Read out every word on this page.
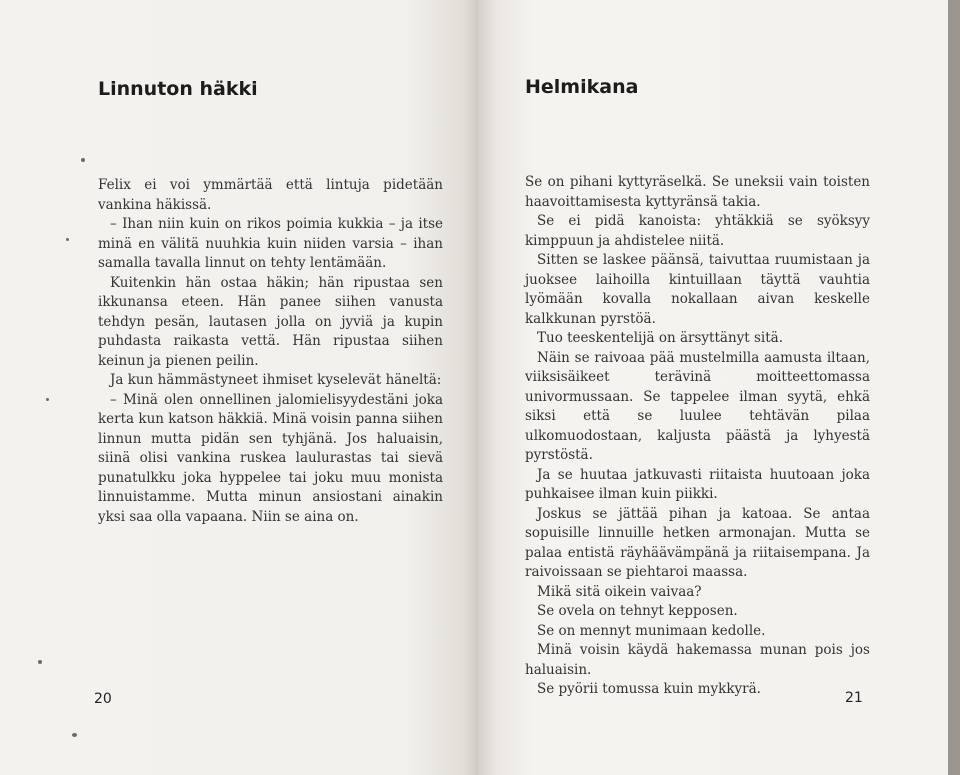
Linnuton häkki

Felix ei voi ymmärtää että lintuja pidetään vankina häkissä.

– Ihan niin kuin on rikos poimia kukkia – ja itse minä en välitä nuuhkia kuin niiden varsia – ihan samalla tavalla linnut on tehty lentämään.

Kuitenkin hän ostaa häkin; hän ripustaa sen ikkunansa eteen. Hän panee siihen vanusta tehdyn pesän, lautasen jolla on jyviä ja kupin puhdasta raikasta vettä. Hän ripustaa siihen keinun ja pienen peilin.

Ja kun hämmästyneet ihmiset kyselevät häneltä:

– Minä olen onnellinen jalomielisyydestäni joka kerta kun katson häkkiä. Minä voisin panna siihen linnun mutta pidän sen tyhjänä. Jos haluaisin, siinä olisi vankina ruskea laulurastas tai sievä punatulkku joka hyppelee tai joku muu monista linnuistamme. Mutta minun ansiostani ainakin yksi saa olla vapaana. Niin se aina on.

20
Helmikana

Se on pihani kyttyräselkä. Se uneksii vain toisten haavoittamisesta kyttyränsä takia.

Se ei pidä kanoista: yhtäkkiä se syöksyy kimppuun ja ahdistelee niitä.

Sitten se laskee päänsä, taivuttaa ruumistaan ja juoksee laihoilla kintuillaan täyttä vauhtia lyömään kovalla nokallaan aivan keskelle kalkkunan pyrstöä.

Tuo teeskentelijä on ärsyttänyt sitä.

Näin se raivoaa pää mustelmilla aamusta iltaan, viiksisäikeet terävinä moitteettomassa univormussaan. Se tappelee ilman syytä, ehkä siksi että se luulee tehtävän pilaa ulkomuodostaan, kaljusta päästä ja lyhyestä pyrstöstä.

Ja se huutaa jatkuvasti riitaista huutoaan joka puhkaisee ilman kuin piikki.

Joskus se jättää pihan ja katoaa. Se antaa sopuisille linnuille hetken armonajan. Mutta se palaa entistä räyhäävämpänä ja riitaisempana. Ja raivoissaan se piehtaroi maassa.

Mikä sitä oikein vaivaa?

Se ovela on tehnyt kepposen.

Se on mennyt munimaan kedolle.

Minä voisin käydä hakemassa munan pois jos haluaisin.

Se pyörii tomussa kuin mykkyrä.

21
